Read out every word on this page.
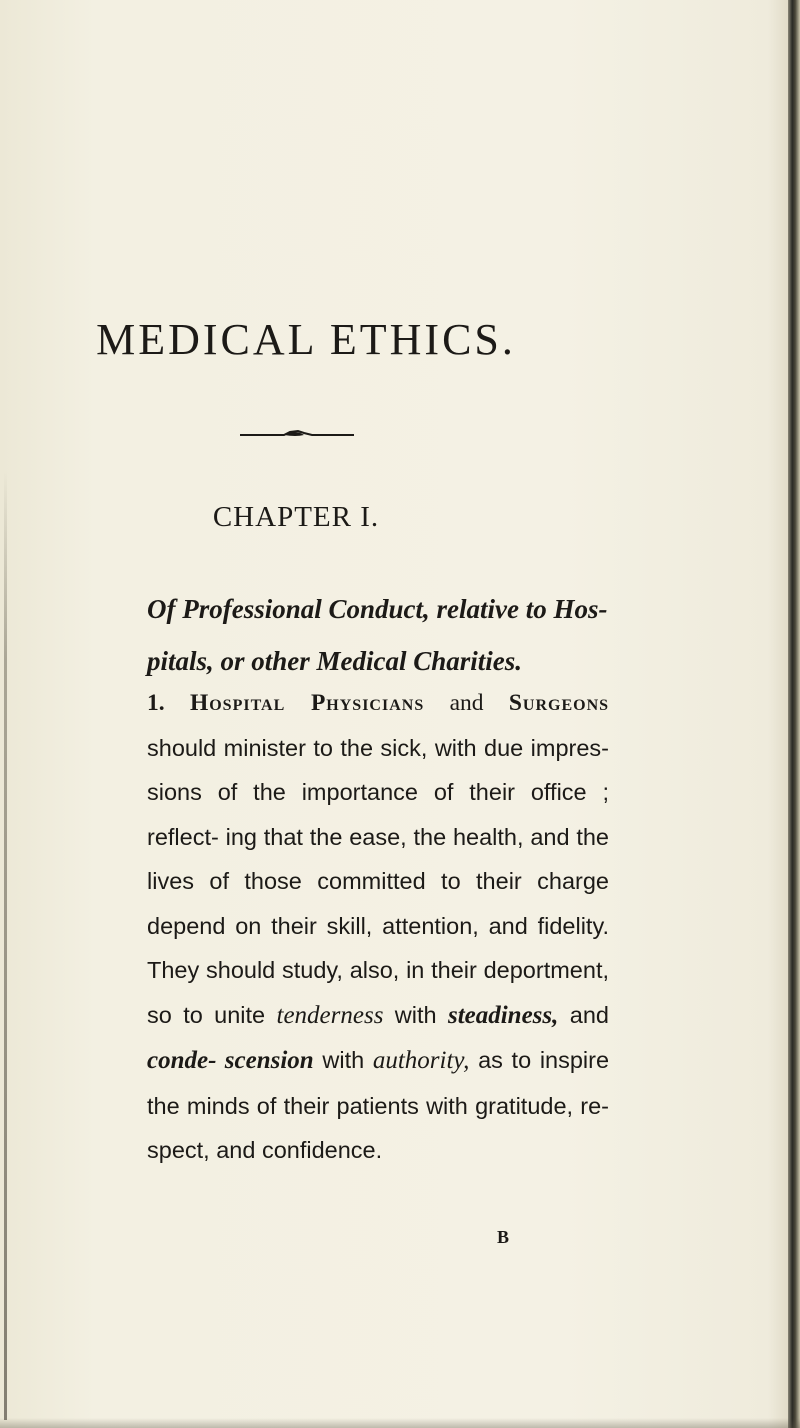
MEDICAL ETHICS.
CHAPTER I.

Of Professional Conduct, relative to Hos-
pitals, or other Medical Charities.

1. Hospital Physicians and Surgeons should minister to the sick, with due impres- sions of the importance of their office ; reflect- ing that the ease, the health, and the lives of those committed to their charge depend on their skill, attention, and fidelity. They should study, also, in their deportment, so to unite tenderness with steadiness, and conde- scension with authority, as to inspire the minds of their patients with gratitude, re- spect, and confidence.

B
